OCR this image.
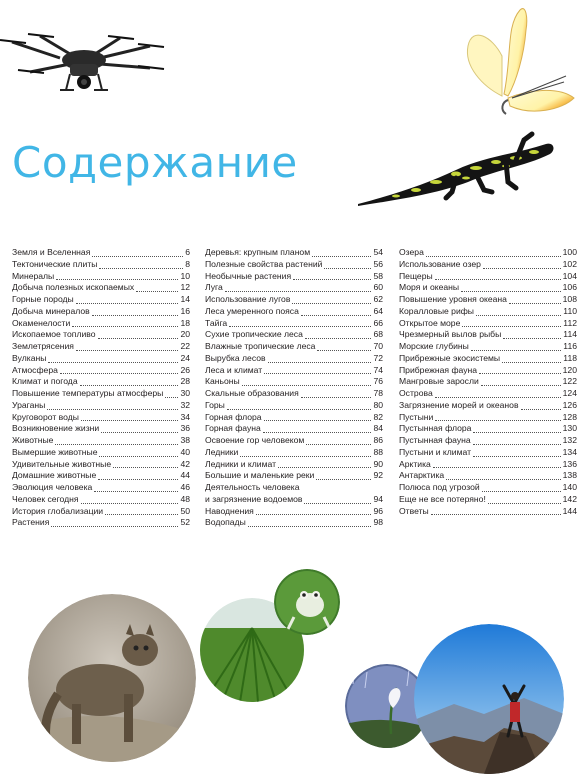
Содержание
Земля и Вселенная	6
Тектонические плиты	8
Минералы	10
Добыча полезных ископаемых	12
Горные породы	14
Добыча минералов	16
Окаменелости	18
Ископаемое топливо	20
Землетрясения	22
Вулканы	24
Атмосфера	26
Климат и погода	28
Повышение температуры атмосферы 30
Ураганы	32
Круговорот воды	34
Возникновение жизни	36
Животные	38
Вымершие животные	40
Удивительные животные	42
Домашние животные	44
Эволюция человека	46
Человек сегодня	48
История глобализации	50
Растения	52
Деревья: крупным планом	54
Полезные свойства растений	56
Необычные растения	58
Луга	60
Использование лугов	62
Леса умеренного пояса	64
Тайга	66
Сухие тропические леса	68
Влажные тропические леса	70
Вырубка лесов	72
Леса и климат	74
Каньоны	76
Скальные образования	78
Горы	80
Горная флора	82
Горная фауна	84
Освоение гор человеком	86
Ледники	88
Ледники и климат	90
Большие и маленькие реки	92
Деятельность человека
и загрязнение водоемов	94
Наводнения	96
Водопады	98
Озера	100
Использование озер	102
Пещеры	104
Моря и океаны	106
Повышение уровня океана	108
Коралловые рифы	110
Открытое море	112
Чрезмерный вылов рыбы	114
Морские глубины	116
Прибрежные экосистемы	118
Прибрежная фауна	120
Мангровые заросли	122
Острова	124
Загрязнение морей и океанов	126
Пустыни	128
Пустынная флора	130
Пустынная фауна	132
Пустыни и климат	134
Арктика	136
Антарктика	138
Полюса под угрозой	140
Еще не все потеряно!	142
Ответы	144
